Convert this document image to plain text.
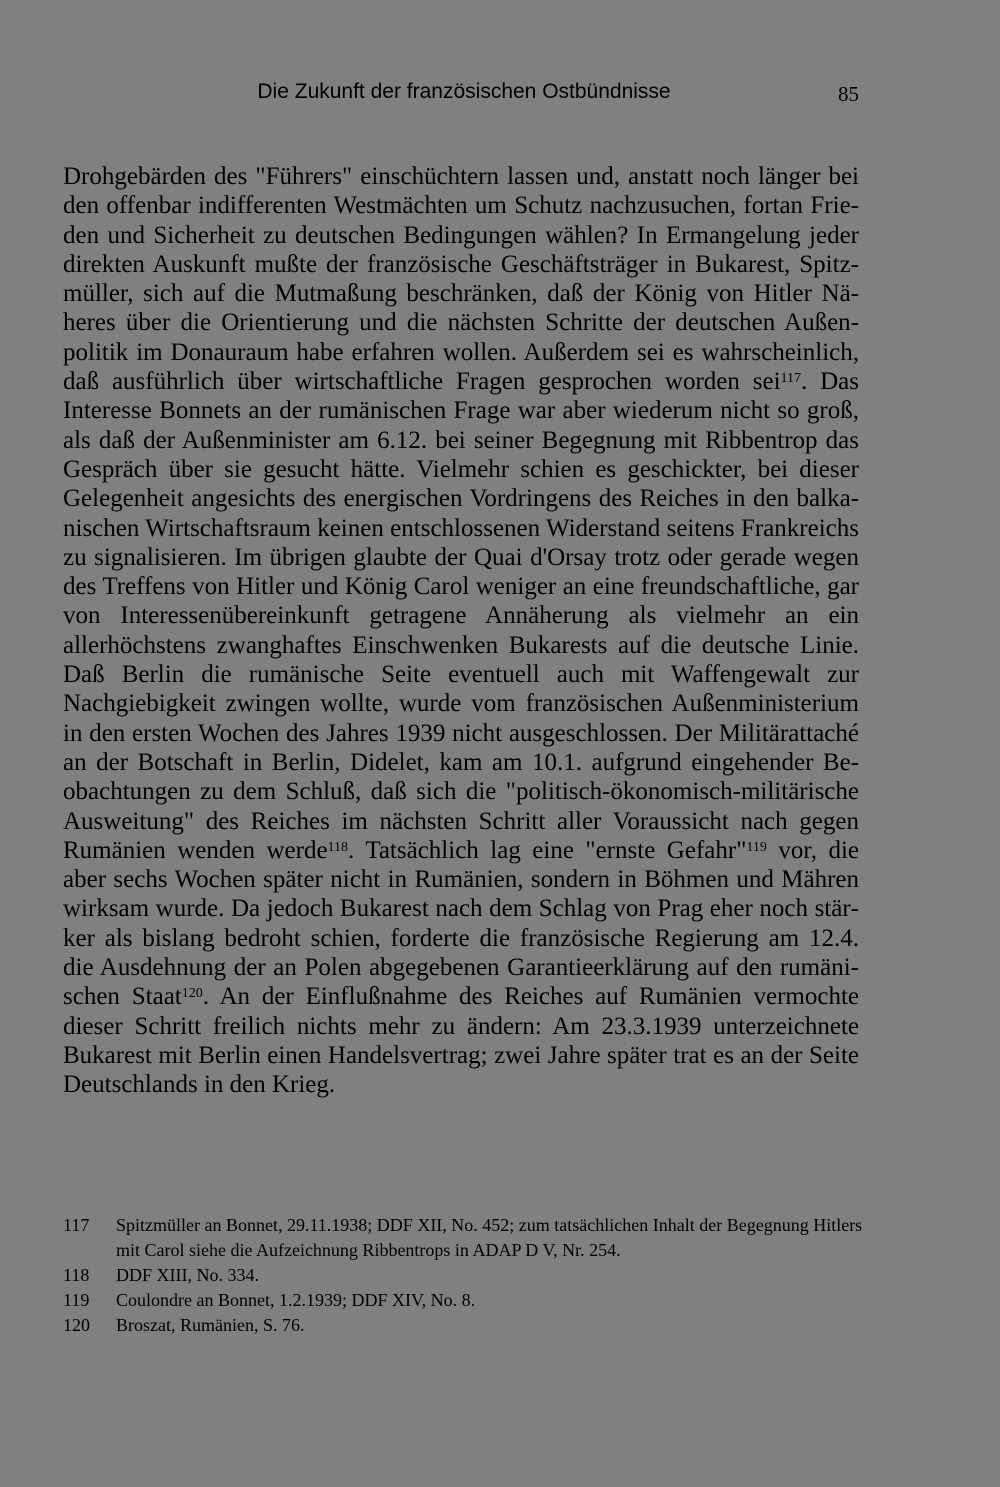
Die Zukunft der französischen Ostbündnisse	85
Drohgebärden des "Führers" einschüchtern lassen und, anstatt noch länger bei den offenbar indifferenten Westmächten um Schutz nachzusuchen, fortan Frieden und Sicherheit zu deutschen Bedingungen wählen? In Ermangelung jeder direkten Auskunft mußte der französische Geschäftsträger in Bukarest, Spitzmüller, sich auf die Mutmaßung beschränken, daß der König von Hitler Näheres über die Orientierung und die nächsten Schritte der deutschen Außenpolitik im Donauraum habe erfahren wollen. Außerdem sei es wahrscheinlich, daß ausführlich über wirtschaftliche Fragen gesprochen worden sei$^{117}$. Das Interesse Bonnets an der rumänischen Frage war aber wiederum nicht so groß, als daß der Außenminister am 6.12. bei seiner Begegnung mit Ribbentrop das Gespräch über sie gesucht hätte. Vielmehr schien es geschickter, bei dieser Gelegenheit angesichts des energischen Vordringens des Reiches in den balkanischen Wirtschaftsraum keinen entschlossenen Widerstand seitens Frankreichs zu signalisieren. Im übrigen glaubte der Quai d'Orsay trotz oder gerade wegen des Treffens von Hitler und König Carol weniger an eine freundschaftliche, gar von Interessenübereinkunft getragene Annäherung als vielmehr an ein allerhöchstens zwanghaftes Einschwenken Bukarests auf die deutsche Linie. Daß Berlin die rumänische Seite eventuell auch mit Waffengewalt zur Nachgiebigkeit zwingen wollte, wurde vom französischen Außenministerium in den ersten Wochen des Jahres 1939 nicht ausgeschlossen. Der Militärattaché an der Botschaft in Berlin, Didelet, kam am 10.1. aufgrund eingehender Beobachtungen zu dem Schluß, daß sich die "politisch-ökonomisch-militärische Ausweitung" des Reiches im nächsten Schritt aller Voraussicht nach gegen Rumänien wenden werde$^{118}$. Tatsächlich lag eine "ernste Gefahr"$^{119}$ vor, die aber sechs Wochen später nicht in Rumänien, sondern in Böhmen und Mähren wirksam wurde. Da jedoch Bukarest nach dem Schlag von Prag eher noch stärker als bislang bedroht schien, forderte die französische Regierung am 12.4. die Ausdehnung der an Polen abgegebenen Garantieerklärung auf den rumänischen Staat$^{120}$. An der Einflußnahme des Reiches auf Rumänien vermochte dieser Schritt freilich nichts mehr zu ändern: Am 23.3.1939 unterzeichnete Bukarest mit Berlin einen Handelsvertrag; zwei Jahre später trat es an der Seite Deutschlands in den Krieg.
117	Spitzmüller an Bonnet, 29.11.1938; DDF XII, No. 452; zum tatsächlichen Inhalt der Begegnung Hitlers mit Carol siehe die Aufzeichnung Ribbentrops in ADAP D V, Nr. 254.
118	DDF XIII, No. 334.
119	Coulondre an Bonnet, 1.2.1939; DDF XIV, No. 8.
120	Broszat, Rumänien, S. 76.
